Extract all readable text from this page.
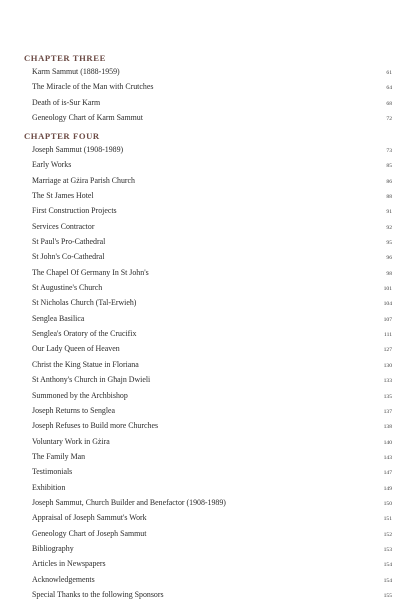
CHAPTER THREE
Karm Sammut (1888-1959)	61
The Miracle of the Man with Crutches	64
Death of is-Sur Karm	68
Geneology Chart of Karm Sammut	72
CHAPTER FOUR
Joseph Sammut (1908-1989)	73
Early Works	85
Marriage at Gżira Parish Church	86
The St James Hotel	88
First Construction Projects	91
Services Contractor	92
St Paul's Pro-Cathedral	95
St John's Co-Cathedral	96
The Chapel Of Germany In St John's	98
St Augustine's Church	101
St Nicholas Church (Tal-Erwieħ)	104
Senglea Basilica	107
Senglea's Oratory of the Crucifix	111
Our Lady Queen of Heaven	127
Christ the King Statue in Floriana	130
St Anthony's Church in Għajn Dwieli	133
Summoned by the Archbishop	135
Joseph Returns to Senglea	137
Joseph Refuses to Build more Churches	138
Voluntary Work in Gżira	140
The Family Man	143
Testimonials	147
Exhibition	149
Joseph Sammut, Church Builder and Benefactor (1908-1989)	150
Appraisal of Joseph Sammut's Work	151
Geneology Chart of Joseph Sammut	152
Bibliography	153
Articles in Newspapers	154
Acknowledgements	154
Special Thanks to the following Sponsors	155
